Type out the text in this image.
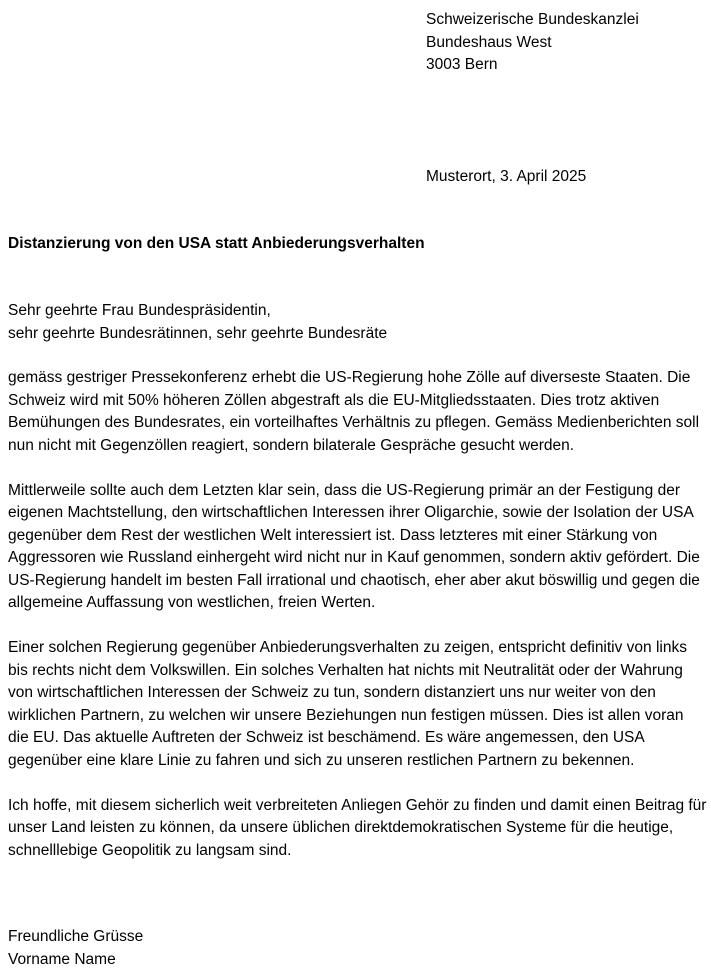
Schweizerische Bundeskanzlei
Bundeshaus West
3003 Bern
Musterort, 3. April 2025
Distanzierung von den USA statt Anbiederungsverhalten
Sehr geehrte Frau Bundespräsidentin,
sehr geehrte Bundesrätinnen, sehr geehrte Bundesräte

gemäss gestriger Pressekonferenz erhebt die US-Regierung hohe Zölle auf diverseste Staaten. Die Schweiz wird mit 50% höheren Zöllen abgestraft als die EU-Mitgliedsstaaten. Dies trotz aktiven Bemühungen des Bundesrates, ein vorteilhaftes Verhältnis zu pflegen. Gemäss Medienberichten soll nun nicht mit Gegenzöllen reagiert, sondern bilaterale Gespräche gesucht werden.

Mittlerweile sollte auch dem Letzten klar sein, dass die US-Regierung primär an der Festigung der eigenen Machtstellung, den wirtschaftlichen Interessen ihrer Oligarchie, sowie der Isolation der USA gegenüber dem Rest der westlichen Welt interessiert ist. Dass letzteres mit einer Stärkung von Aggressoren wie Russland einhergeht wird nicht nur in Kauf genommen, sondern aktiv gefördert. Die US-Regierung handelt im besten Fall irrational und chaotisch, eher aber akut böswillig und gegen die allgemeine Auffassung von westlichen, freien Werten.

Einer solchen Regierung gegenüber Anbiederungsverhalten zu zeigen, entspricht definitiv von links bis rechts nicht dem Volkswillen. Ein solches Verhalten hat nichts mit Neutralität oder der Wahrung von wirtschaftlichen Interessen der Schweiz zu tun, sondern distanziert uns nur weiter von den wirklichen Partnern, zu welchen wir unsere Beziehungen nun festigen müssen. Dies ist allen voran die EU. Das aktuelle Auftreten der Schweiz ist beschämend. Es wäre angemessen, den USA gegenüber eine klare Linie zu fahren und sich zu unseren restlichen Partnern zu bekennen.

Ich hoffe, mit diesem sicherlich weit verbreiteten Anliegen Gehör zu finden und damit einen Beitrag für unser Land leisten zu können, da unsere üblichen direktdemokratischen Systeme für die heutige, schnelllebige Geopolitik zu langsam sind.

Freundliche Grüsse
Vorname Name
